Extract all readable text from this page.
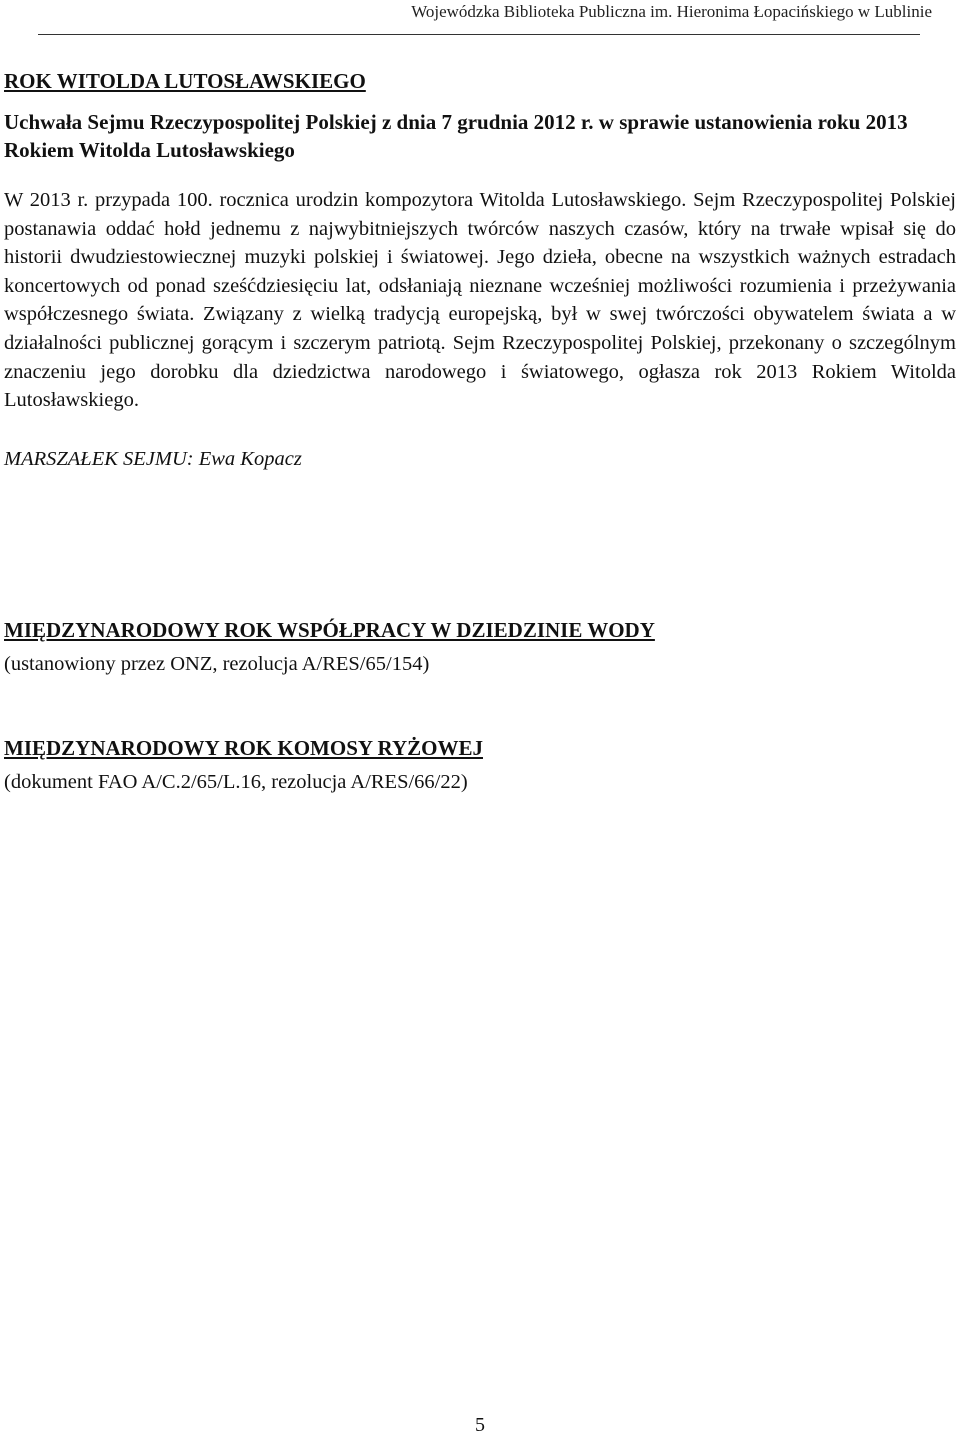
Wojewódzka Biblioteka Publiczna im. Hieronima Łopacińskiego w Lublinie

ROK WITOLDA LUTOSŁAWSKIEGO

Uchwała Sejmu Rzeczypospolitej Polskiej z dnia 7 grudnia 2012 r. w sprawie ustanowienia roku 2013 Rokiem Witolda Lutosławskiego

W 2013 r. przypada 100. rocznica urodzin kompozytora Witolda Lutosławskiego. Sejm Rzeczypospolitej Polskiej postanawia oddać hołd jednemu z najwybitniejszych twórców naszych czasów, który na trwałe wpisał się do historii dwudziestowiecznej muzyki polskiej i światowej. Jego dzieła, obecne na wszystkich ważnych estradach koncertowych od ponad sześćdziesięciu lat, odsłaniają nieznane wcześniej możliwości rozumienia i przeżywania współczesnego świata. Związany z wielką tradycją europejską, był w swej twórczości obywatelem świata a w działalności publicznej gorącym i szczerym patriotą. Sejm Rzeczypospolitej Polskiej, przekonany o szczególnym znaczeniu jego dorobku dla dziedzictwa narodowego i światowego, ogłasza rok 2013 Rokiem Witolda Lutosławskiego.

MARSZAŁEK SEJMU: Ewa Kopacz

MIĘDZYNARODOWY ROK WSPÓŁPRACY W DZIEDZINIE WODY

(ustanowiony przez ONZ, rezolucja A/RES/65/154)

MIĘDZYNARODOWY ROK KOMOSY RYŻOWEJ

(dokument FAO A/C.2/65/L.16, rezolucja A/RES/66/22)

5
